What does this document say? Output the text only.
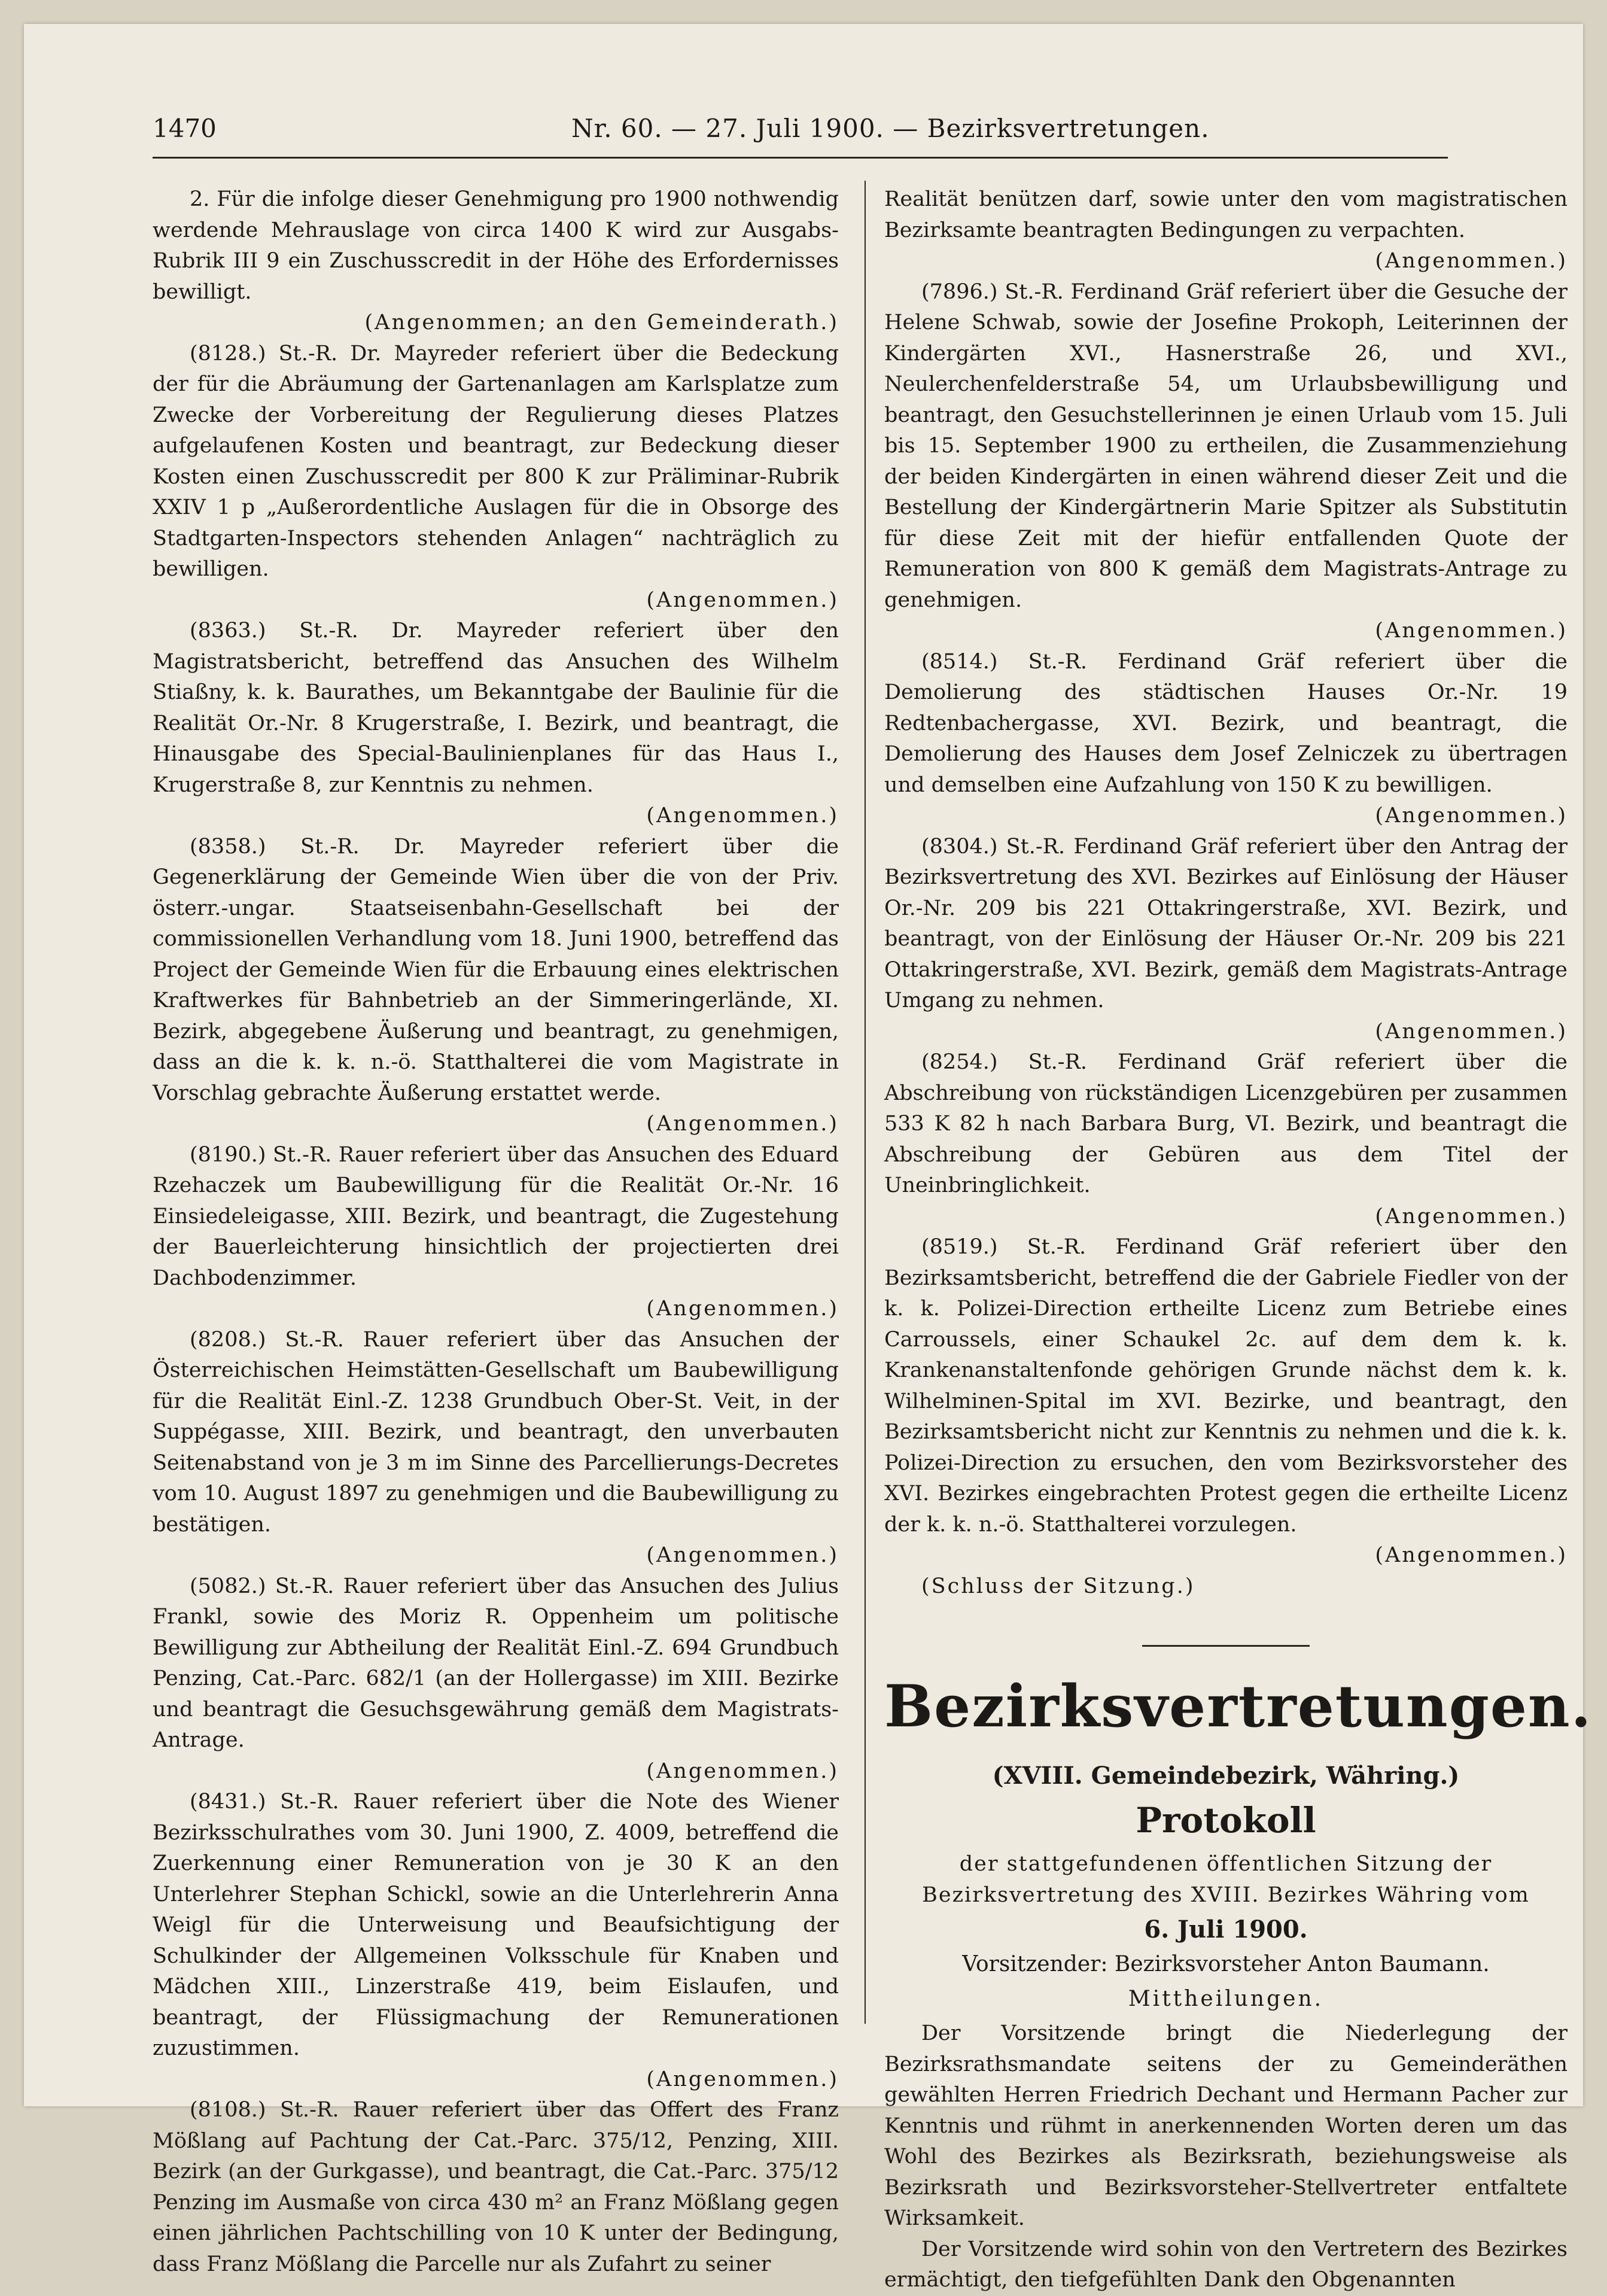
1470	Nr. 60. — 27. Juli 1900. — Bezirksvertretungen.

2. Für die infolge dieser Genehmigung pro 1900 nothwendig werdende Mehrauslage von circa 1400 K wird zur Ausgabs-Rubrik III 9 ein Zuschusscredit in der Höhe des Erfordernisses bewilligt.

(Angenommen; an den Gemeinderath.)

(8128.) St.-R. Dr. Mayreder referiert über die Bedeckung der für die Abräumung der Gartenanlagen am Karlsplatze zum Zwecke der Vorbereitung der Regulierung dieses Platzes aufgelaufenen Kosten und beantragt, zur Bedeckung dieser Kosten einen Zuschusscredit per 800 K zur Präliminar-Rubrik XXIV 1 p „Außerordentliche Auslagen für die in Obsorge des Stadtgarten-Inspectors stehenden Anlagen“ nachträglich zu bewilligen.

(Angenommen.)

(8363.) St.-R. Dr. Mayreder referiert über den Magistratsbericht, betreffend das Ansuchen des Wilhelm Stiaßny, k. k. Baurathes, um Bekanntgabe der Baulinie für die Realität Or.-Nr. 8 Krugerstraße, I. Bezirk, und beantragt, die Hinausgabe des Special-Baulinienplanes für das Haus I., Krugerstraße 8, zur Kenntnis zu nehmen.

(Angenommen.)

(8358.) St.-R. Dr. Mayreder referiert über die Gegenerklärung der Gemeinde Wien über die von der Priv. österr.-ungar. Staatseisenbahn-Gesellschaft bei der commissionellen Verhandlung vom 18. Juni 1900, betreffend das Project der Gemeinde Wien für die Erbauung eines elektrischen Kraftwerkes für Bahnbetrieb an der Simmeringerlände, XI. Bezirk, abgegebene Äußerung und beantragt, zu genehmigen, dass an die k. k. n.-ö. Statthalterei die vom Magistrate in Vorschlag gebrachte Äußerung erstattet werde.

(Angenommen.)

(8190.) St.-R. Rauer referiert über das Ansuchen des Eduard Rzehaczek um Baubewilligung für die Realität Or.-Nr. 16 Einsiedeleigasse, XIII. Bezirk, und beantragt, die Zugestehung der Bauerleichterung hinsichtlich der projectierten drei Dachbodenzimmer.

(Angenommen.)

(8208.) St.-R. Rauer referiert über das Ansuchen der Österreichischen Heimstätten-Gesellschaft um Baubewilligung für die Realität Einl.-Z. 1238 Grundbuch Ober-St. Veit, in der Suppégasse, XIII. Bezirk, und beantragt, den unverbauten Seitenabstand von je 3 m im Sinne des Parcellierungs-Decretes vom 10. August 1897 zu genehmigen und die Baubewilligung zu bestätigen.

(Angenommen.)

(5082.) St.-R. Rauer referiert über das Ansuchen des Julius Frankl, sowie des Moriz R. Oppenheim um politische Bewilligung zur Abtheilung der Realität Einl.-Z. 694 Grundbuch Penzing, Cat.-Parc. 682/1 (an der Hollergasse) im XIII. Bezirke und beantragt die Gesuchsgewährung gemäß dem Magistrats-Antrage.

(Angenommen.)

(8431.) St.-R. Rauer referiert über die Note des Wiener Bezirksschulrathes vom 30. Juni 1900, Z. 4009, betreffend die Zuerkennung einer Remuneration von je 30 K an den Unterlehrer Stephan Schickl, sowie an die Unterlehrerin Anna Weigl für die Unterweisung und Beaufsichtigung der Schulkinder der Allgemeinen Volksschule für Knaben und Mädchen XIII., Linzerstraße 419, beim Eislaufen, und beantragt, der Flüssigmachung der Remunerationen zuzustimmen.

(Angenommen.)

(8108.) St.-R. Rauer referiert über das Offert des Franz Mößlang auf Pachtung der Cat.-Parc. 375/12, Penzing, XIII. Bezirk (an der Gurkgasse), und beantragt, die Cat.-Parc. 375/12 Penzing im Ausmaße von circa 430 m² an Franz Mößlang gegen einen jährlichen Pachtschilling von 10 K unter der Bedingung, dass Franz Mößlang die Parcelle nur als Zufahrt zu seiner

Realität benützen darf, sowie unter den vom magistratischen Bezirksamte beantragten Bedingungen zu verpachten.

(Angenommen.)

(7896.) St.-R. Ferdinand Gräf referiert über die Gesuche der Helene Schwab, sowie der Josefine Prokoph, Leiterinnen der Kindergärten XVI., Hasnerstraße 26, und XVI., Neulerchenfelderstraße 54, um Urlaubsbewilligung und beantragt, den Gesuchstellerinnen je einen Urlaub vom 15. Juli bis 15. September 1900 zu ertheilen, die Zusammenziehung der beiden Kindergärten in einen während dieser Zeit und die Bestellung der Kindergärtnerin Marie Spitzer als Substitutin für diese Zeit mit der hiefür entfallenden Quote der Remuneration von 800 K gemäß dem Magistrats-Antrage zu genehmigen.

(Angenommen.)

(8514.) St.-R. Ferdinand Gräf referiert über die Demolierung des städtischen Hauses Or.-Nr. 19 Redtenbachergasse, XVI. Bezirk, und beantragt, die Demolierung des Hauses dem Josef Zelniczek zu übertragen und demselben eine Aufzahlung von 150 K zu bewilligen.

(Angenommen.)

(8304.) St.-R. Ferdinand Gräf referiert über den Antrag der Bezirksvertretung des XVI. Bezirkes auf Einlösung der Häuser Or.-Nr. 209 bis 221 Ottakringerstraße, XVI. Bezirk, und beantragt, von der Einlösung der Häuser Or.-Nr. 209 bis 221 Ottakringerstraße, XVI. Bezirk, gemäß dem Magistrats-Antrage Umgang zu nehmen.

(Angenommen.)

(8254.) St.-R. Ferdinand Gräf referiert über die Abschreibung von rückständigen Licenzgebüren per zusammen 533 K 82 h nach Barbara Burg, VI. Bezirk, und beantragt die Abschreibung der Gebüren aus dem Titel der Uneinbringlichkeit.

(Angenommen.)

(8519.) St.-R. Ferdinand Gräf referiert über den Bezirksamtsbericht, betreffend die der Gabriele Fiedler von der k. k. Polizei-Direction ertheilte Licenz zum Betriebe eines Carroussels, einer Schaukel 2c. auf dem dem k. k. Krankenanstaltenfonde gehörigen Grunde nächst dem k. k. Wilhelminen-Spital im XVI. Bezirke, und beantragt, den Bezirksamtsbericht nicht zur Kenntnis zu nehmen und die k. k. Polizei-Direction zu ersuchen, den vom Bezirksvorsteher des XVI. Bezirkes eingebrachten Protest gegen die ertheilte Licenz der k. k. n.-ö. Statthalterei vorzulegen.

(Angenommen.)

(Schluss der Sitzung.)

Bezirksvertretungen.
(XVIII. Gemeindebezirk, Währing.)
Protokoll

der stattgefundenen öffentlichen Sitzung der Bezirksvertretung des XVIII. Bezirkes Währing vom

6. Juli 1900.
Vorsitzender: Bezirksvorsteher Anton Baumann.
Mittheilungen.

Der Vorsitzende bringt die Niederlegung der Bezirksrathsmandate seitens der zu Gemeinderäthen gewählten Herren Friedrich Dechant und Hermann Pacher zur Kenntnis und rühmt in anerkennenden Worten deren um das Wohl des Bezirkes als Bezirksrath, beziehungsweise als Bezirksrath und Bezirksvorsteher-Stellvertreter entfaltete Wirksamkeit.

Der Vorsitzende wird sohin von den Vertretern des Bezirkes ermächtigt, den tiefgefühlten Dank den Obgenannten
